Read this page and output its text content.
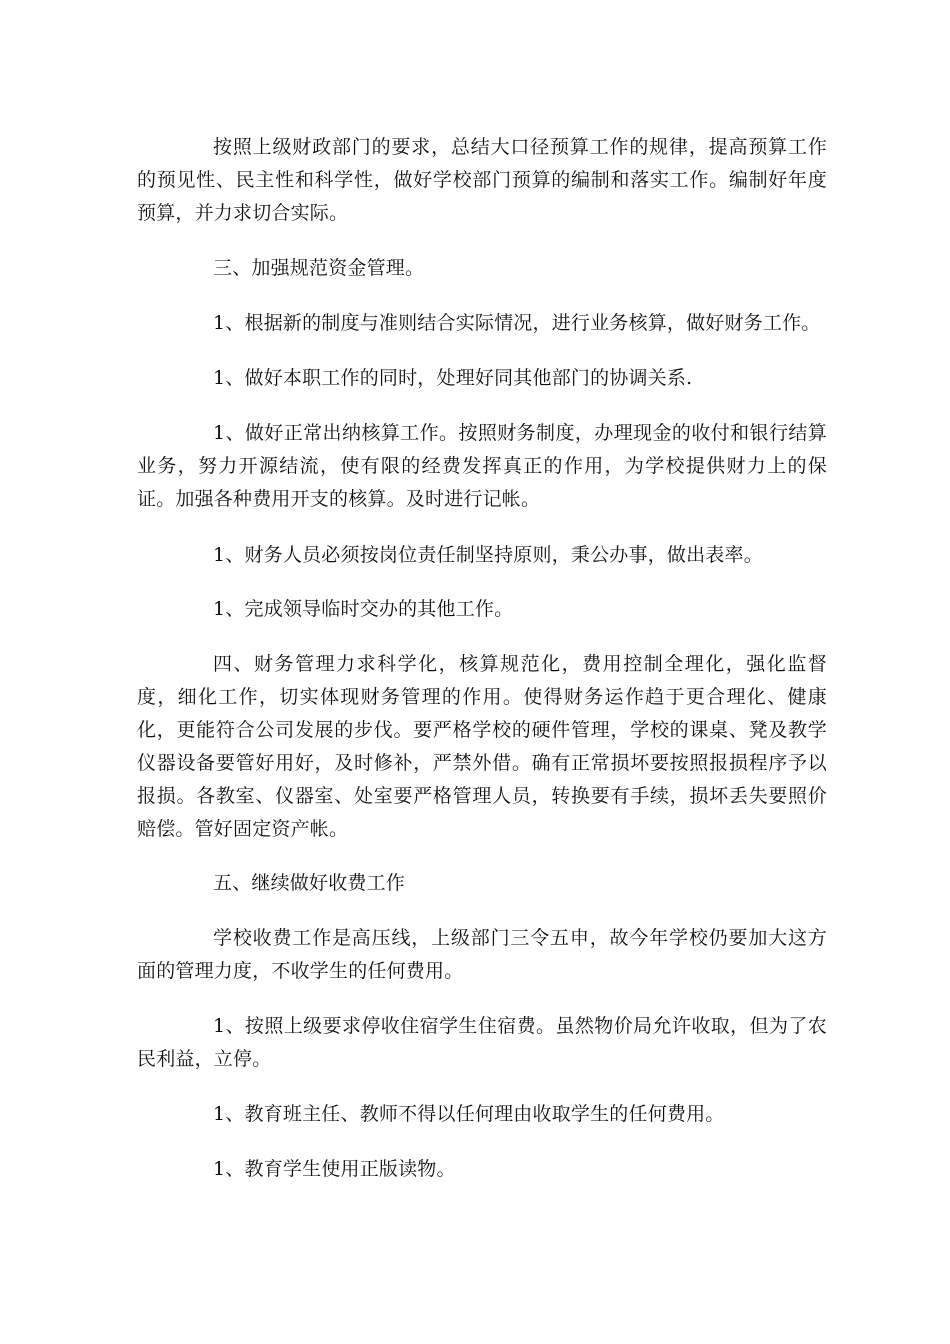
按照上级财政部门的要求，总结大口径预算工作的规律，提高预算工作的预见性、民主性和科学性，做好学校部门预算的编制和落实工作。编制好年度预算，并力求切合实际。

三、加强规范资金管理。

1、根据新的制度与准则结合实际情况，进行业务核算，做好财务工作。

1、做好本职工作的同时，处理好同其他部门的协调关系.

1、做好正常出纳核算工作。按照财务制度，办理现金的收付和银行结算业务，努力开源结流，使有限的经费发挥真正的作用，为学校提供财力上的保证。加强各种费用开支的核算。及时进行记帐。

1、财务人员必须按岗位责任制坚持原则，秉公办事，做出表率。

1、完成领导临时交办的其他工作。

四、财务管理力求科学化，核算规范化，费用控制全理化，强化监督度，细化工作，切实体现财务管理的作用。使得财务运作趋于更合理化、健康化，更能符合公司发展的步伐。要严格学校的硬件管理，学校的课桌、凳及教学仪器设备要管好用好，及时修补，严禁外借。确有正常损坏要按照报损程序予以报损。各教室、仪器室、处室要严格管理人员，转换要有手续，损坏丢失要照价赔偿。管好固定资产帐。

五、继续做好收费工作

学校收费工作是高压线，上级部门三令五申，故今年学校仍要加大这方面的管理力度，不收学生的任何费用。

1、按照上级要求停收住宿学生住宿费。虽然物价局允许收取，但为了农民利益，立停。

1、教育班主任、教师不得以任何理由收取学生的任何费用。

1、教育学生使用正版读物。
